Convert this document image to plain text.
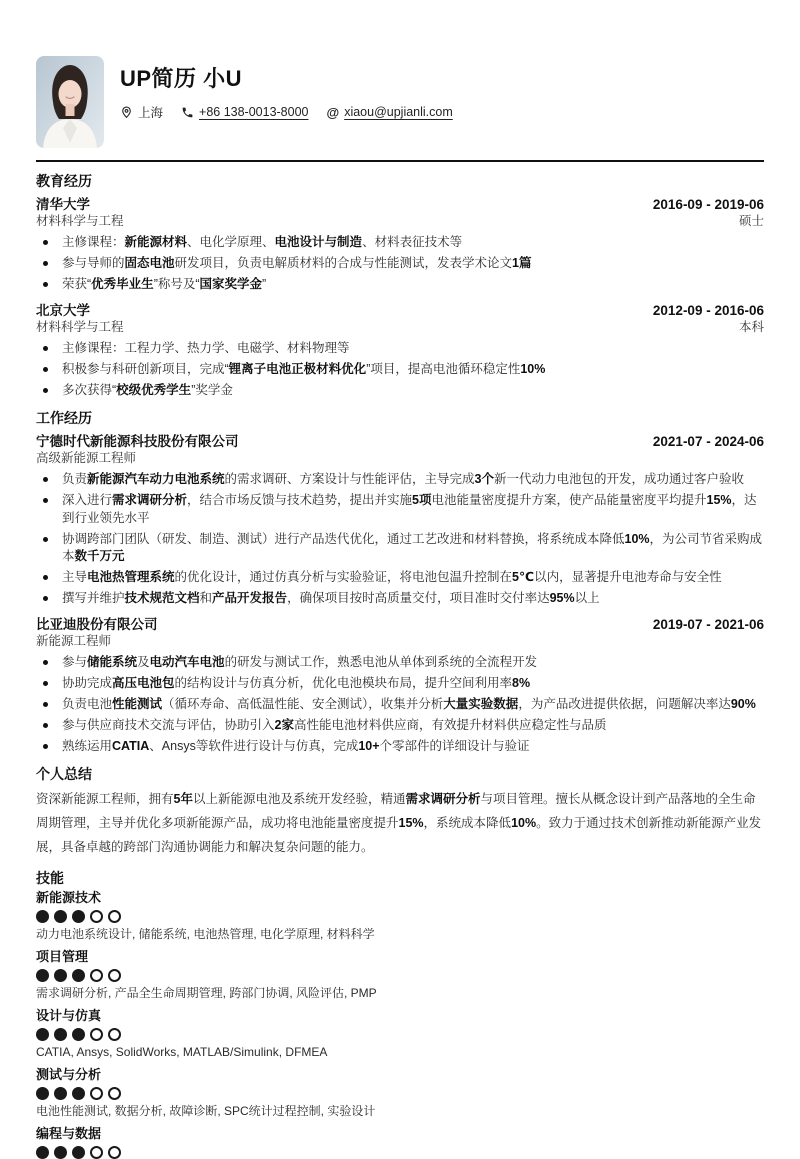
UP简历 小U
上海	+86 138-0013-8000 @ xiaou@upjianli.com
教育经历
清华大学	2016-09 - 2019-06
材料科学与工程	硕士
主修课程：新能源材料、电化学原理、电池设计与制造、材料表征技术等
参与导师的固态电池研发项目，负责电解质材料的合成与性能测试，发表学术论文1篇
荣获“优秀毕业生”称号及“国家奖学金”
北京大学	2012-09 - 2016-06
材料科学与工程	本科
主修课程：工程力学、热力学、电磁学、材料物理等
积极参与科研创新项目，完成“锂离子电池正极材料优化”项目，提高电池循环稳定性10%
多次获得“校级优秀学生”奖学金
工作经历
宁德时代新能源科技股份有限公司	2021-07 - 2024-06
高级新能源工程师
负责新能源汽车动力电池系统的需求调研、方案设计与性能评估，主导完成3个新一代动力电池包的开发，成功通过客户验收
深入进行需求调研分析，结合市场反馈与技术趋势，提出并实施5项电池能量密度提升方案，使产品能量密度平均提升15%，达到行业领先水平
协调跨部门团队（研发、制造、测试）进行产品迭代优化，通过工艺改进和材料替换，将系统成本降低10%，为公司节省采购成本数千万元
主导电池热管理系统的优化设计，通过仿真分析与实验验证，将电池包温升控制在5℃以内，显著提升电池寿命与安全性
撰写并维护技术规范文档和产品开发报告，确保项目按时高质量交付，项目准时交付率达95%以上
比亚迪股份有限公司	2019-07 - 2021-06
新能源工程师
参与储能系统及电动汽车电池的研发与测试工作，熟悉电池从单体到系统的全流程开发
协助完成高压电池包的结构设计与仿真分析，优化电池模块布局，提升空间利用率8%
负责电池性能测试（循环寿命、高低温性能、安全测试），收集并分析大量实验数据，为产品改进提供依据，问题解决率达90%
参与供应商技术交流与评估，协助引入2家高性能电池材料供应商，有效提升材料供应稳定性与品质
熟练运用CATIA、Ansys等软件进行设计与仿真，完成10+个零部件的详细设计与验证
个人总结

资深新能源工程师，拥有5年以上新能源电池及系统开发经验，精通需求调研分析与项目管理。擅长从概念设计到产品落地的全生命周期管理，主导并优化多项新能源产品，成功将电池能量密度提升15%，系统成本降低10%。致力于通过技术创新推动新能源产业发展，具备卓越的跨部门沟通协调能力和解决复杂问题的能力。

技能
新能源技术
动力电池系统设计, 储能系统, 电池热管理, 电化学原理, 材料科学
项目管理
需求调研分析, 产品全生命周期管理, 跨部门协调, 风险评估, PMP
设计与仿真
CATIA, Ansys, SolidWorks, MATLAB/Simulink, DFMEA
测试与分析
电池性能测试, 数据分析, 故障诊断, SPC统计过程控制, 实验设计
编程与数据
